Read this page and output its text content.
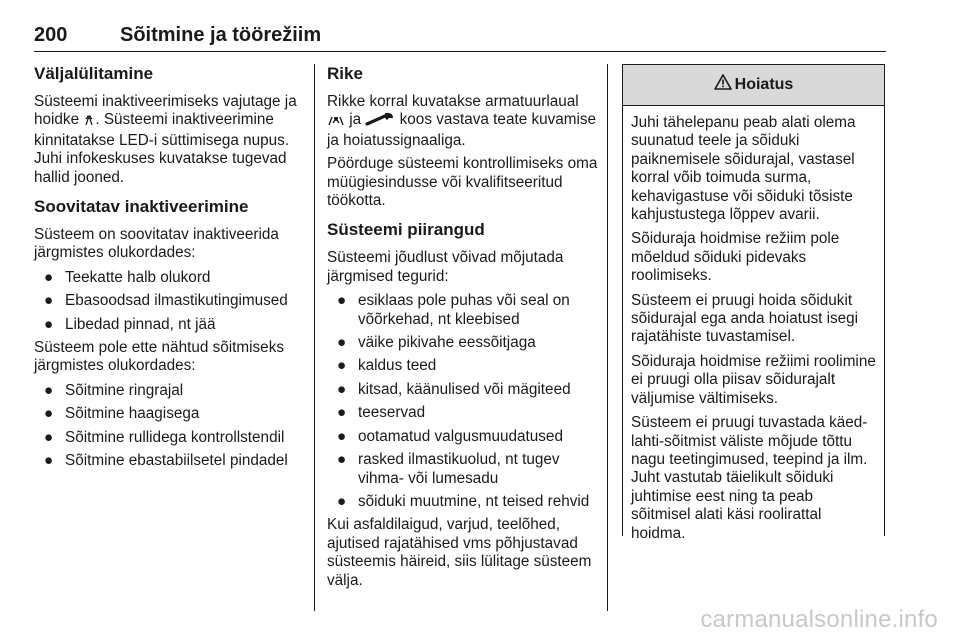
200	Sõitmine ja töörežiim
Väljalülitamine

Süsteemi inaktiveerimiseks vajutage ja hoidke . Süsteemi inaktiveerimine kinnitatakse LED-i süttimisega nupus. Juhi infokeskuses kuvatakse tugevad hallid jooned.

Soovitatav inaktiveerimine

Süsteem on soovitatav inaktiveerida järgmistes olukordades:

● Teekatte halb olukord
● Ebasoodsad ilmastikutingimused
● Libedad pinnad, nt jää

Süsteem pole ette nähtud sõitmiseks järgmistes olukordades:

● Sõitmine ringrajal
● Sõitmine haagisega
● Sõitmine rullidega kontrollstendil
● Sõitmine ebastabiilsetel pindadel
Rike

Rikke korral kuvatakse armatuurlaual  ja  koos vastava teate kuvamise ja hoiatussignaaliga.

Pöörduge süsteemi kontrollimiseks oma müügiesindusse või kvalifitseeritud töökotta.

Süsteemi piirangud

Süsteemi jõudlust võivad mõjutada järgmised tegurid:

● esiklaas pole puhas või seal on võõrkehad, nt kleebised
● väike pikivahe eessõitjaga
● kaldus teed
● kitsad, käänulised või mägiteed
● teeservad
● ootamatud valgusmuudatused
● rasked ilmastikuolud, nt tugev vihma- või lumesadu
● sõiduki muutmine, nt teised rehvid

Kui asfaldilaigud, varjud, teelõhed, ajutised rajatähised vms põhjustavad süsteemis häireid, siis lülitage süsteem välja.

Hoiatus

Juhi tähelepanu peab alati olema suunatud teele ja sõiduki paiknemisele sõidurajal, vastasel korral võib toimuda surma, kehavigastuse või sõiduki tõsiste kahjustustega lõppev avarii.

Sõiduraja hoidmise režiim pole mõeldud sõiduki pidevaks roolimiseks.

Süsteem ei pruugi hoida sõidukit sõidurajal ega anda hoiatust isegi rajatähiste tuvastamisel.

Sõiduraja hoidmise režiimi roolimine ei pruugi olla piisav sõidurajalt väljumise vältimiseks.

Süsteem ei pruugi tuvastada käed-lahti-sõitmist väliste mõjude tõttu nagu teetingimused, teepind ja ilm. Juht vastutab täielikult sõiduki juhtimise eest ning ta peab sõitmisel alati käsi roolirattal hoidma.

carmanualsonline.info
